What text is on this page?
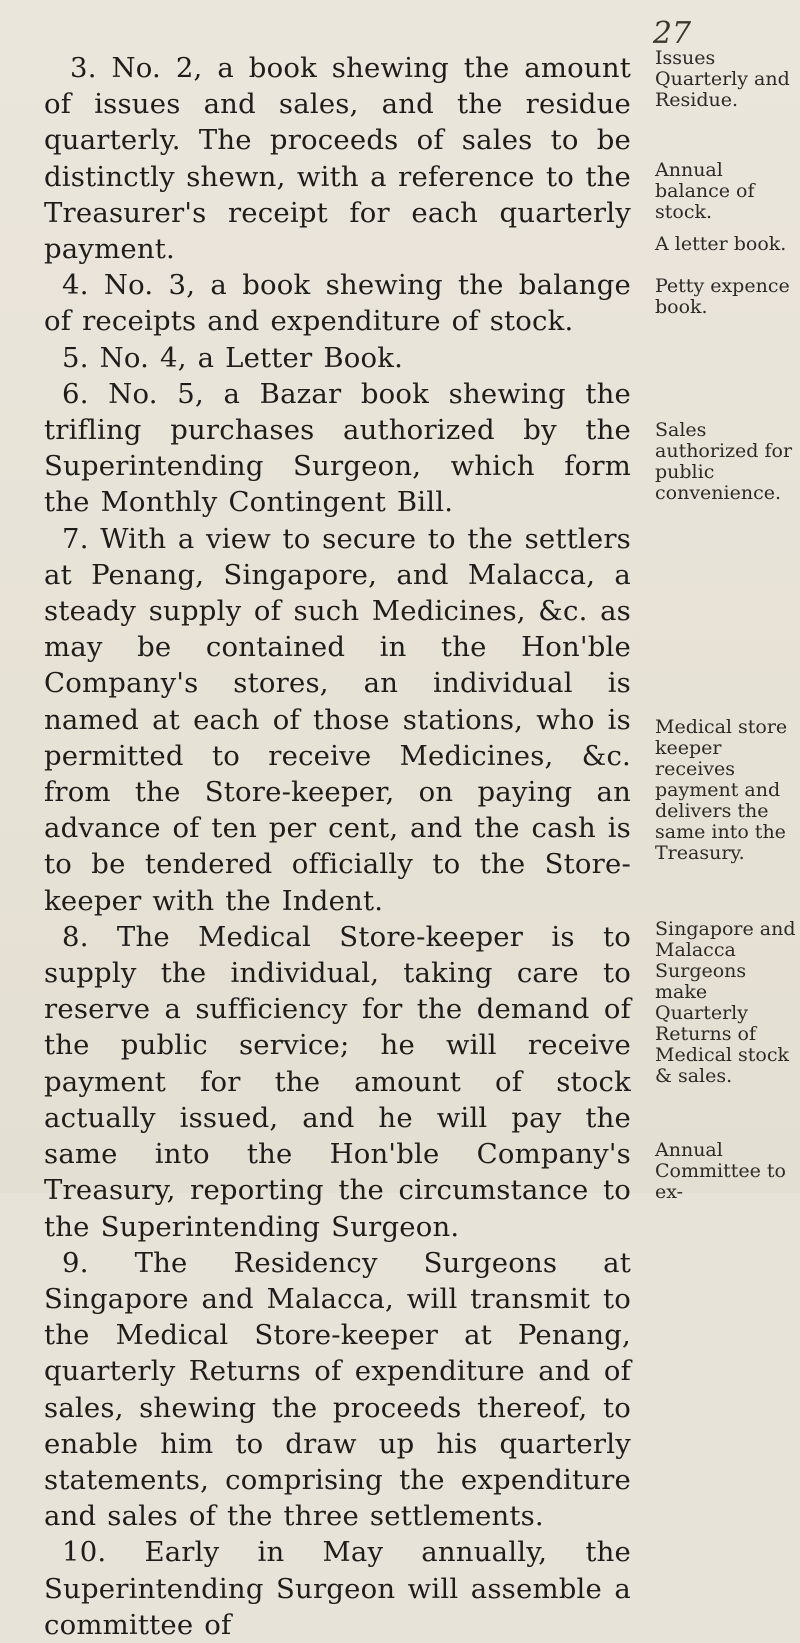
27

3. No. 2, a book shewing the amount of issues and sales, and the residue quarterly. The proceeds of sales to be distinctly shewn, with a reference to the Treasurer's receipt for each quarterly payment.

4. No. 3, a book shewing the balange of receipts and expenditure of stock.

5. No. 4, a Letter Book.

6. No. 5, a Bazar book shewing the trifling purchases authorized by the Superintending Surgeon, which form the Monthly Contingent Bill.

7. With a view to secure to the settlers at Penang, Singapore, and Malacca, a steady supply of such Medicines, &c. as may be contained in the Hon'ble Company's stores, an individual is named at each of those stations, who is permitted to receive Medicines, &c. from the Store-keeper, on paying an advance of ten per cent, and the cash is to be tendered officially to the Store-keeper with the Indent.

8. The Medical Store-keeper is to supply the individual, taking care to reserve a sufficiency for the demand of the public service; he will receive payment for the amount of stock actually issued, and he will pay the same into the Hon'ble Company's Treasury, reporting the circumstance to the Superintending Surgeon.

9. The Residency Surgeons at Singapore and Malacca, will transmit to the Medical Store-keeper at Penang, quarterly Returns of expenditure and of sales, shewing the proceeds thereof, to enable him to draw up his quarterly statements, comprising the expenditure and sales of the three settlements.

10. Early in May annually, the Superintending Surgeon will assemble a committee of

Issues Quarterly and Residue.
Annual balance of stock.
A letter book.
Petty expence book.
Sales authorized for public convenience.
Medical store keeper receives payment and delivers the same into the Treasury.
Singapore and Malacca Surgeons make Quarterly Returns of Medical stock & sales.
Annual Committee to ex-
